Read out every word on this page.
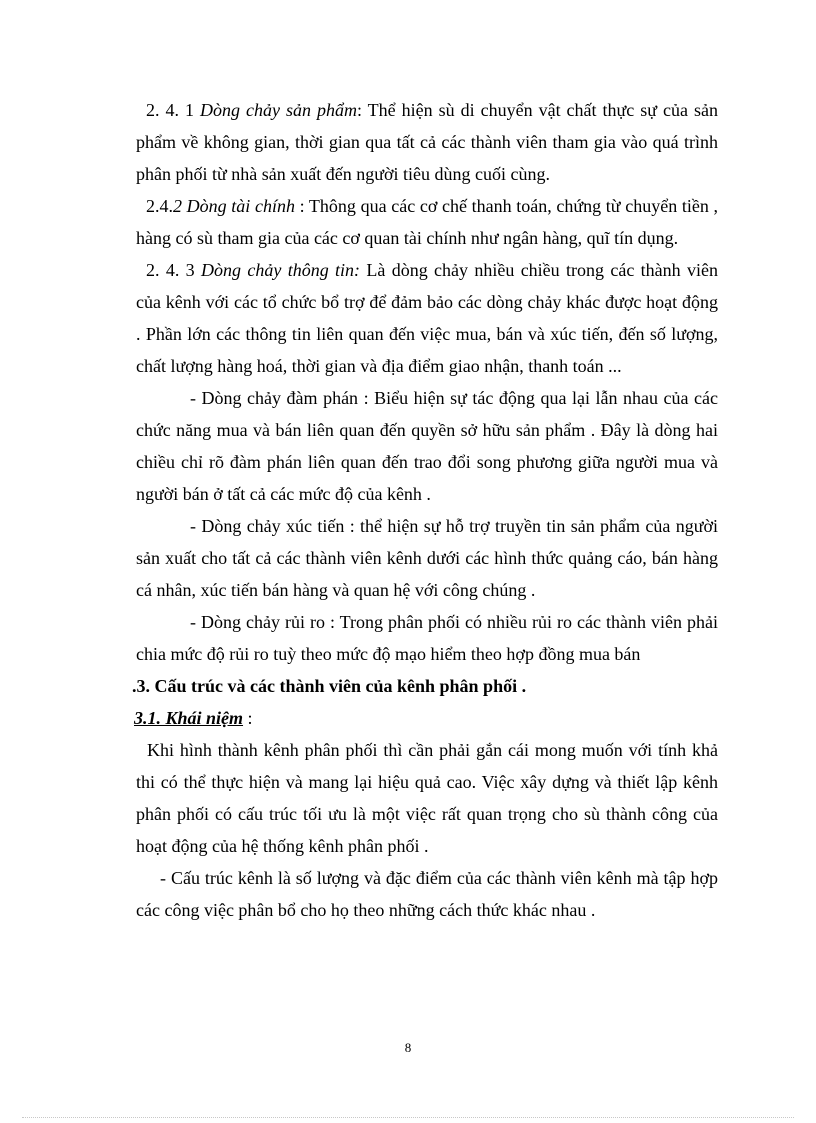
2. 4. 1 Dòng chảy sản phẩm: Thể hiện sù di chuyển vật chất thực sự của sản phẩm về không gian, thời gian qua tất cả các thành viên tham gia vào quá trình phân phối từ nhà sản xuất đến người tiêu dùng cuối cùng.

2.4.2 Dòng tài chính : Thông qua các cơ chế thanh toán, chứng từ chuyển tiền , hàng có sù tham gia của các cơ quan tài chính như ngân hàng, quĩ tín dụng.

2. 4. 3 Dòng chảy thông tin: Là dòng chảy nhiều chiều trong các thành viên của kênh với các tổ chức bổ trợ để đảm bảo các dòng chảy khác được hoạt động . Phần lớn các thông tin liên quan đến việc mua, bán và xúc tiến, đến số lượng, chất lượng hàng hoá, thời gian và địa điểm giao nhận, thanh toán ...

- Dòng chảy đàm phán : Biểu hiện sự tác động qua lại lẫn nhau của các chức năng mua và bán liên quan đến quyền sở hữu sản phẩm . Đây là dòng hai chiều chỉ rõ đàm phán liên quan đến trao đổi song phương giữa người mua và người bán ở tất cả các mức độ của kênh .

- Dòng chảy xúc tiến : thể hiện sự hỗ trợ truyền tin sản phẩm của người sản xuất cho tất cả các thành viên kênh dưới các hình thức quảng cáo, bán hàng cá nhân, xúc tiến bán hàng và quan hệ với công chúng .

- Dòng chảy rủi ro : Trong phân phối có nhiều rủi ro các thành viên phải chia mức độ rủi ro tuỳ theo mức độ mạo hiểm theo hợp đồng mua bán

.3. Cấu trúc và các thành viên của kênh phân phối .

3.1. Khái niệm :

Khi hình thành kênh phân phối thì cần phải gắn cái mong muốn với tính khả thi có thể thực hiện và mang lại hiệu quả cao. Việc xây dựng và thiết lập kênh phân phối có cấu trúc tối ưu là một việc rất quan trọng cho sù thành công của hoạt động của hệ thống kênh phân phối .

- Cấu trúc kênh là số lượng và đặc điểm của các thành viên kênh mà tập hợp các công việc phân bổ cho họ theo những cách thức khác nhau .

8
